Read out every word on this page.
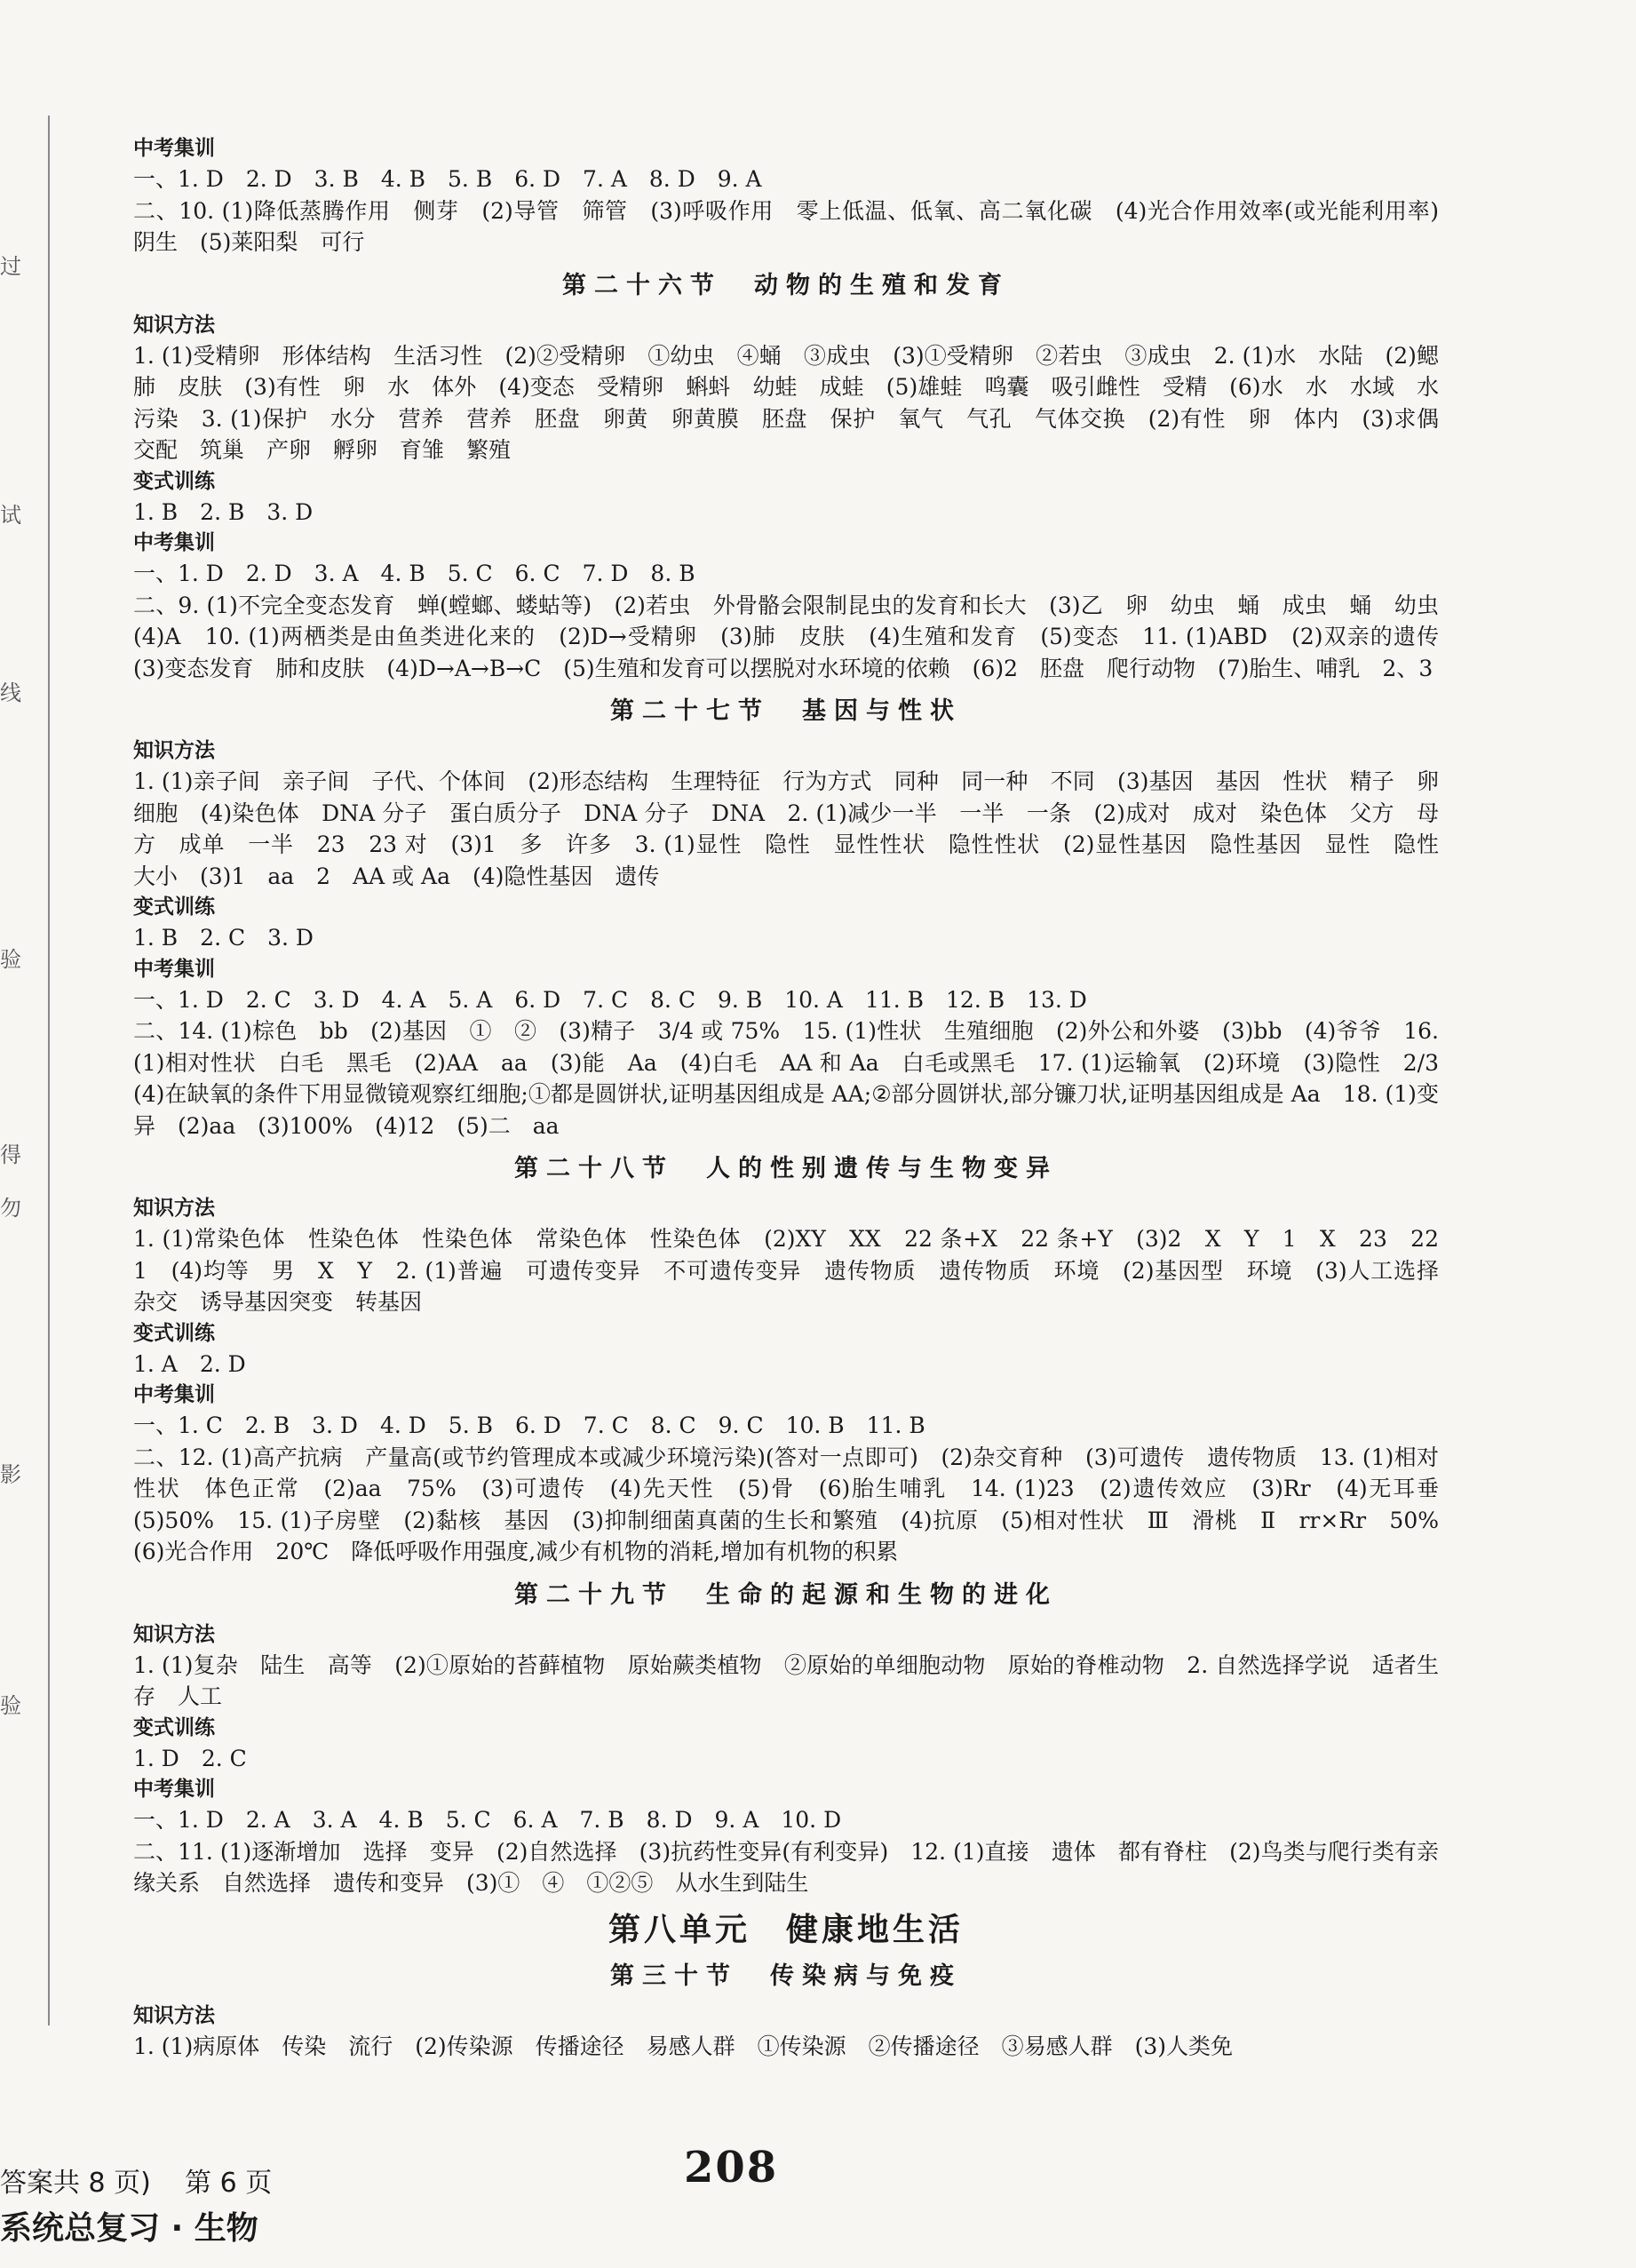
过
试
线
验
得
勿
影
验
中考集训
一、1. D　2. D　3. B　4. B　5. B　6. D　7. A　8. D　9. A
二、10. (1)降低蒸腾作用　侧芽　(2)导管　筛管　(3)呼吸作用　零上低温、低氧、高二氧化碳　(4)光合作用效率(或光能利用率)　阴生　(5)莱阳梨　可行
第二十六节　动物的生殖和发育
知识方法
1. (1)受精卵　形体结构　生活习性　(2)②受精卵　①幼虫　④蛹　③成虫　(3)①受精卵　②若虫　③成虫　2. (1)水　水陆　(2)鳃　肺　皮肤　(3)有性　卵　水　体外　(4)变态　受精卵　蝌蚪　幼蛙　成蛙　(5)雄蛙　鸣囊　吸引雌性　受精　(6)水　水　水域　水污染　3. (1)保护　水分　营养　营养　胚盘　卵黄　卵黄膜　胚盘　保护　氧气　气孔　气体交换　(2)有性　卵　体内　(3)求偶　交配　筑巢　产卵　孵卵　育雏　繁殖
变式训练
1. B　2. B　3. D
中考集训
一、1. D　2. D　3. A　4. B　5. C　6. C　7. D　8. B
二、9. (1)不完全变态发育　蝉(螳螂、蝼蛄等)　(2)若虫　外骨骼会限制昆虫的发育和长大　(3)乙　卵　幼虫　蛹　成虫　蛹　幼虫　(4)A　10. (1)两栖类是由鱼类进化来的　(2)D→受精卵　(3)肺　皮肤　(4)生殖和发育　(5)变态　11. (1)ABD　(2)双亲的遗传　(3)变态发育　肺和皮肤　(4)D→A→B→C　(5)生殖和发育可以摆脱对水环境的依赖　(6)2　胚盘　爬行动物　(7)胎生、哺乳　2、3
第二十七节　基因与性状
知识方法
1. (1)亲子间　亲子间　子代、个体间　(2)形态结构　生理特征　行为方式　同种　同一种　不同　(3)基因　基因　性状　精子　卵细胞　(4)染色体　DNA 分子　蛋白质分子　DNA 分子　DNA　2. (1)减少一半　一半　一条　(2)成对　成对　染色体　父方　母方　成单　一半　23　23 对　(3)1　多　许多　3. (1)显性　隐性　显性性状　隐性性状　(2)显性基因　隐性基因　显性　隐性　大小　(3)1　aa　2　AA 或 Aa　(4)隐性基因　遗传
变式训练
1. B　2. C　3. D
中考集训
一、1. D　2. C　3. D　4. A　5. A　6. D　7. C　8. C　9. B　10. A　11. B　12. B　13. D
二、14. (1)棕色　bb　(2)基因　①　②　(3)精子　3/4 或 75%　15. (1)性状　生殖细胞　(2)外公和外婆　(3)bb　(4)爷爷　16. (1)相对性状　白毛　黑毛　(2)AA　aa　(3)能　Aa　(4)白毛　AA 和 Aa　白毛或黑毛　17. (1)运输氧　(2)环境　(3)隐性　2/3　(4)在缺氧的条件下用显微镜观察红细胞;①都是圆饼状,证明基因组成是 AA;②部分圆饼状,部分镰刀状,证明基因组成是 Aa　18. (1)变异　(2)aa　(3)100%　(4)12　(5)二　aa
第二十八节　人的性别遗传与生物变异
知识方法
1. (1)常染色体　性染色体　性染色体　常染色体　性染色体　(2)XY　XX　22 条+X　22 条+Y　(3)2　X　Y　1　X　23　22　1　(4)均等　男　X　Y　2. (1)普遍　可遗传变异　不可遗传变异　遗传物质　遗传物质　环境　(2)基因型　环境　(3)人工选择　杂交　诱导基因突变　转基因
变式训练
1. A　2. D
中考集训
一、1. C　2. B　3. D　4. D　5. B　6. D　7. C　8. C　9. C　10. B　11. B
二、12. (1)高产抗病　产量高(或节约管理成本或减少环境污染)(答对一点即可)　(2)杂交育种　(3)可遗传　遗传物质　13. (1)相对性状　体色正常　(2)aa　75%　(3)可遗传　(4)先天性　(5)骨　(6)胎生哺乳　14. (1)23　(2)遗传效应　(3)Rr　(4)无耳垂　(5)50%　15. (1)子房壁　(2)黏核　基因　(3)抑制细菌真菌的生长和繁殖　(4)抗原　(5)相对性状　Ⅲ　滑桃　Ⅱ　rr×Rr　50%　(6)光合作用　20℃　降低呼吸作用强度,减少有机物的消耗,增加有机物的积累
第二十九节　生命的起源和生物的进化
知识方法
1. (1)复杂　陆生　高等　(2)①原始的苔藓植物　原始蕨类植物　②原始的单细胞动物　原始的脊椎动物　2. 自然选择学说　适者生存　人工
变式训练
1. D　2. C
中考集训
一、1. D　2. A　3. A　4. B　5. C　6. A　7. B　8. D　9. A　10. D
二、11. (1)逐渐增加　选择　变异　(2)自然选择　(3)抗药性变异(有利变异)　12. (1)直接　遗体　都有脊柱　(2)鸟类与爬行类有亲缘关系　自然选择　遗传和变异　(3)①　④　①②⑤　从水生到陆生
第八单元　健康地生活
第三十节　传染病与免疫
知识方法
1. (1)病原体　传染　流行　(2)传染源　传播途径　易感人群　①传染源　②传播途径　③易感人群　(3)人类免
答案共 8 页) 第 6 页
系统总复习 · 生物
208
